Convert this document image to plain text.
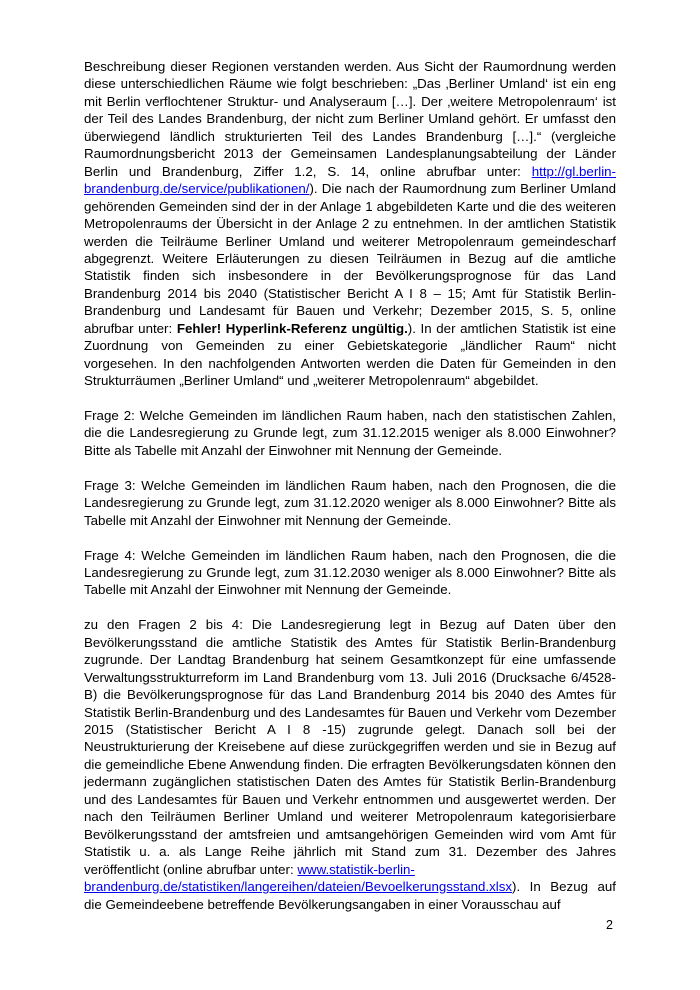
Beschreibung dieser Regionen verstanden werden. Aus Sicht der Raumordnung werden diese unterschiedlichen Räume wie folgt beschrieben: „Das ‚Berliner Umland‘ ist ein eng mit Berlin verflochtener Struktur- und Analyseraum […]. Der ‚weitere Metropolenraum‘ ist der Teil des Landes Brandenburg, der nicht zum Berliner Umland gehört. Er umfasst den überwiegend ländlich strukturierten Teil des Landes Brandenburg […].“ (vergleiche Raumordnungsbericht 2013 der Gemeinsamen Landesplanungsabteilung der Länder Berlin und Brandenburg, Ziffer 1.2, S. 14, online abrufbar unter: http://gl.berlin-brandenburg.de/service/publikationen/). Die nach der Raumordnung zum Berliner Umland gehörenden Gemeinden sind der in der Anlage 1 abgebildeten Karte und die des weiteren Metropolenraums der Übersicht in der Anlage 2 zu entnehmen. In der amtlichen Statistik werden die Teilräume Berliner Umland und weiterer Metropolenraum gemeindescharf abgegrenzt. Weitere Erläuterungen zu diesen Teilräumen in Bezug auf die amtliche Statistik finden sich insbesondere in der Bevölkerungsprognose für das Land Brandenburg 2014 bis 2040 (Statistischer Bericht A I 8 – 15; Amt für Statistik Berlin-Brandenburg und Landesamt für Bauen und Verkehr; Dezember 2015, S. 5, online abrufbar unter: Fehler! Hyperlink-Referenz ungültig.). In der amtlichen Statistik ist eine Zuordnung von Gemeinden zu einer Gebietskategorie „ländlicher Raum“ nicht vorgesehen. In den nachfolgenden Antworten werden die Daten für Gemeinden in den Strukturräumen „Berliner Umland“ und „weiterer Metropolenraum“ abgebildet.

Frage 2: Welche Gemeinden im ländlichen Raum haben, nach den statistischen Zahlen, die die Landesregierung zu Grunde legt, zum 31.12.2015 weniger als 8.000 Einwohner? Bitte als Tabelle mit Anzahl der Einwohner mit Nennung der Gemeinde.

Frage 3: Welche Gemeinden im ländlichen Raum haben, nach den Prognosen, die die Landesregierung zu Grunde legt, zum 31.12.2020 weniger als 8.000 Einwohner? Bitte als Tabelle mit Anzahl der Einwohner mit Nennung der Gemeinde.

Frage 4: Welche Gemeinden im ländlichen Raum haben, nach den Prognosen, die die Landesregierung zu Grunde legt, zum 31.12.2030 weniger als 8.000 Einwohner? Bitte als Tabelle mit Anzahl der Einwohner mit Nennung der Gemeinde.

zu den Fragen 2 bis 4: Die Landesregierung legt in Bezug auf Daten über den Bevölkerungsstand die amtliche Statistik des Amtes für Statistik Berlin-Brandenburg zugrunde. Der Landtag Brandenburg hat seinem Gesamtkonzept für eine umfassende Verwaltungsstrukturreform im Land Brandenburg vom 13. Juli 2016 (Drucksache 6/4528-B) die Bevölkerungsprognose für das Land Brandenburg 2014 bis 2040 des Amtes für Statistik Berlin-Brandenburg und des Landesamtes für Bauen und Verkehr vom Dezember 2015 (Statistischer Bericht A I 8 -15) zugrunde gelegt. Danach soll bei der Neustrukturierung der Kreisebene auf diese zurückgegriffen werden und sie in Bezug auf die gemeindliche Ebene Anwendung finden. Die erfragten Bevölkerungsdaten können den jedermann zugänglichen statistischen Daten des Amtes für Statistik Berlin-Brandenburg und des Landesamtes für Bauen und Verkehr entnommen und ausgewertet werden. Der nach den Teilräumen Berliner Umland und weiterer Metropolenraum kategorisierbare Bevölkerungsstand der amtsfreien und amtsangehörigen Gemeinden wird vom Amt für Statistik u. a. als Lange Reihe jährlich mit Stand zum 31. Dezember des Jahres veröffentlicht (online abrufbar unter: www.statistik-berlin-
brandenburg.de/statistiken/langereihen/dateien/Bevoelkerungsstand.xlsx). In Bezug auf die Gemeindeebene betreffende Bevölkerungsangaben in einer Vorausschau auf

2
